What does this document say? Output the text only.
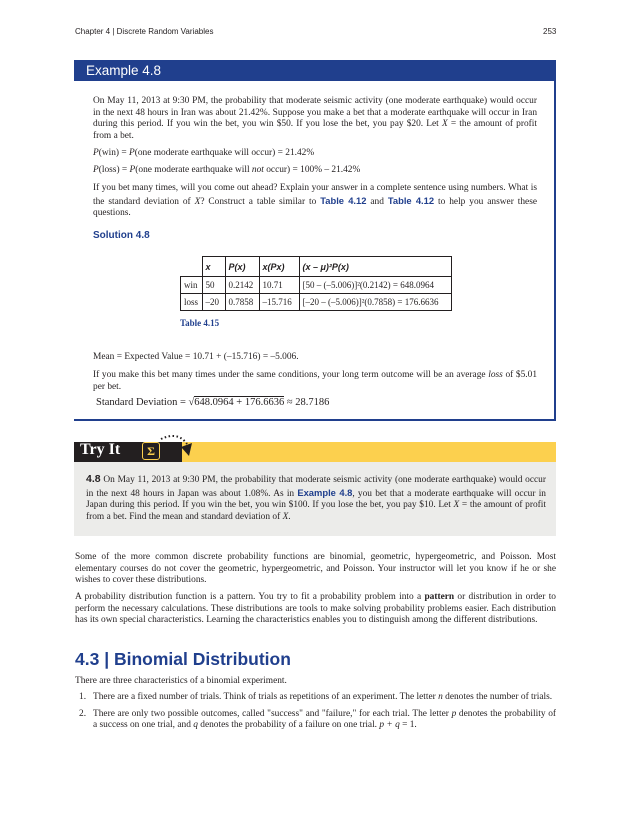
Chapter 4 | Discrete Random Variables	253
Example 4.8
On May 11, 2013 at 9:30 PM, the probability that moderate seismic activity (one moderate earthquake) would occur in the next 48 hours in Iran was about 21.42%. Suppose you make a bet that a moderate earthquake will occur in Iran during this period. If you win the bet, you win $50. If you lose the bet, you pay $20. Let X = the amount of profit from a bet.
P(win) = P(one moderate earthquake will occur) = 21.42%
P(loss) = P(one moderate earthquake will not occur) = 100% – 21.42%
If you bet many times, will you come out ahead? Explain your answer in a complete sentence using numbers. What is the standard deviation of X? Construct a table similar to Table 4.12 and Table 4.12 to help you answer these questions.
Solution 4.8
	x	P(x)	x(Px)	(x – μ)²P(x)
win	50	0.2142	10.71	[50 – (–5.006)]²(0.2142) = 648.0964
loss	–20	0.7858	–15.716	[–20 – (–5.006)]²(0.7858) = 176.6636
Table 4.15
Mean = Expected Value = 10.71 + (–15.716) = –5.006.
If you make this bet many times under the same conditions, your long term outcome will be an average loss of $5.01 per bet.
Standard Deviation = √648.0964 + 176.6636 ≈ 28.7186
Try It	Σ
4.8 On May 11, 2013 at 9:30 PM, the probability that moderate seismic activity (one moderate earthquake) would occur in the next 48 hours in Japan was about 1.08%. As in Example 4.8, you bet that a moderate earthquake will occur in Japan during this period. If you win the bet, you win $100. If you lose the bet, you pay $10. Let X = the amount of profit from a bet. Find the mean and standard deviation of X.
Some of the more common discrete probability functions are binomial, geometric, hypergeometric, and Poisson. Most elementary courses do not cover the geometric, hypergeometric, and Poisson. Your instructor will let you know if he or she wishes to cover these distributions.
A probability distribution function is a pattern. You try to fit a probability problem into a pattern or distribution in order to perform the necessary calculations. These distributions are tools to make solving probability problems easier. Each distribution has its own special characteristics. Learning the characteristics enables you to distinguish among the different distributions.
4.3 | Binomial Distribution
There are three characteristics of a binomial experiment.
1. There are a fixed number of trials. Think of trials as repetitions of an experiment. The letter n denotes the number of trials.
2. There are only two possible outcomes, called "success" and "failure," for each trial. The letter p denotes the probability of a success on one trial, and q denotes the probability of a failure on one trial. p + q = 1.
